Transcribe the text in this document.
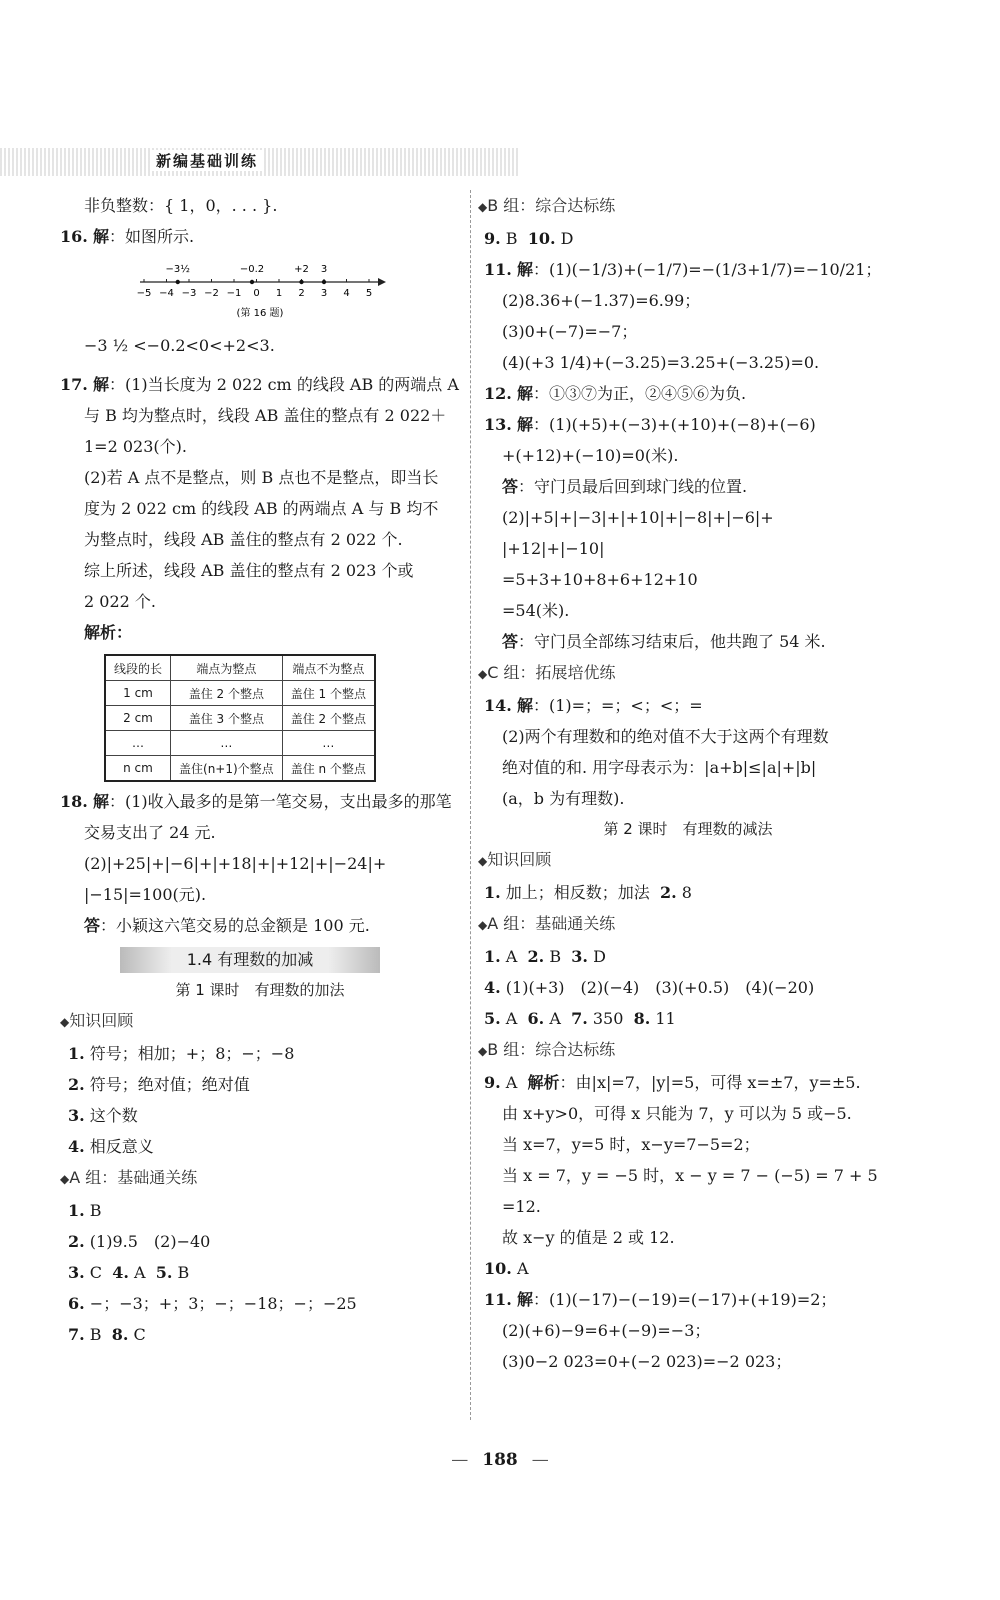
新编基础训练
非负整数：{ 1，0，. . . }.
16. 解：如图所示.
−5 −4 −3 −2 −1 0 1 2 3 4 5
−3½	−0.2	+2 3
(第 16 题)
−3 ½ <−0.2<0<+2<3.
17. 解：(1)当长度为 2 022 cm 的线段 AB 的两端点 A
与 B 均为整点时，线段 AB 盖住的整点有 2 022＋
1=2 023(个).
(2)若 A 点不是整点，则 B 点也不是整点，即当长
度为 2 022 cm 的线段 AB 的两端点 A 与 B 均不
为整点时，线段 AB 盖住的整点有 2 022 个.
综上所述，线段 AB 盖住的整点有 2 023 个或
2 022 个.
解析：
线段的长	端点为整点	端点不为整点
1 cm	盖住 2 个整点	盖住 1 个整点
2 cm	盖住 3 个整点	盖住 2 个整点
…	…	…
n cm	盖住(n+1)个整点	盖住 n 个整点
18. 解：(1)收入最多的是第一笔交易，支出最多的那笔
交易支出了 24 元.
(2)|+25|+|−6|+|+18|+|+12|+|−24|+
|−15|=100(元).
答：小颖这六笔交易的总金额是 100 元.
1.4 有理数的加减
第 1 课时　有理数的加法
◆知识回顾
1. 符号；相加；+；8；−；−8
2. 符号；绝对值；绝对值
3. 这个数
4. 相反意义
◆A 组：基础通关练
1. B
2. (1)9.5　(2)−40
3. C 4. A 5. B
6. −；−3；+；3；−；−18；−；−25
7. B 8. C
◆B 组：综合达标练
9. B 10. D
11. 解：(1)(−1/3)+(−1/7)=−(1/3+1/7)=−10/21；
(2)8.36+(−1.37)=6.99；
(3)0+(−7)=−7；
(4)(+3 1/4)+(−3.25)=3.25+(−3.25)=0.
12. 解：①③⑦为正，②④⑤⑥为负.
13. 解：(1)(+5)+(−3)+(+10)+(−8)+(−6)
+(+12)+(−10)=0(米).
答：守门员最后回到球门线的位置.
(2)|+5|+|−3|+|+10|+|−8|+|−6|+
|+12|+|−10|
=5+3+10+8+6+12+10
=54(米).
答：守门员全部练习结束后，他共跑了 54 米.
◆C 组：拓展培优练
14. 解：(1)=；=；<；<；=
(2)两个有理数和的绝对值不大于这两个有理数
绝对值的和. 用字母表示为：|a+b|≤|a|+|b|
(a，b 为有理数).
第 2 课时　有理数的减法
◆知识回顾
1. 加上；相反数；加法 2. 8
◆A 组：基础通关练
1. A 2. B 3. D
4. (1)(+3)　(2)(−4)　(3)(+0.5)　(4)(−20)
5. A 6. A 7. 350 8. 11
◆B 组：综合达标练
9. A 解析：由|x|=7，|y|=5，可得 x=±7，y=±5.
由 x+y>0，可得 x 只能为 7，y 可以为 5 或−5.
当 x=7，y=5 时，x−y=7−5=2；
当 x = 7，y = −5 时，x − y = 7 − (−5) = 7 + 5
=12.
故 x−y 的值是 2 或 12.
10. A
11. 解：(1)(−17)−(−19)=(−17)+(+19)=2；
(2)(+6)−9=6+(−9)=−3；
(3)0−2 023=0+(−2 023)=−2 023；
— 188 —
